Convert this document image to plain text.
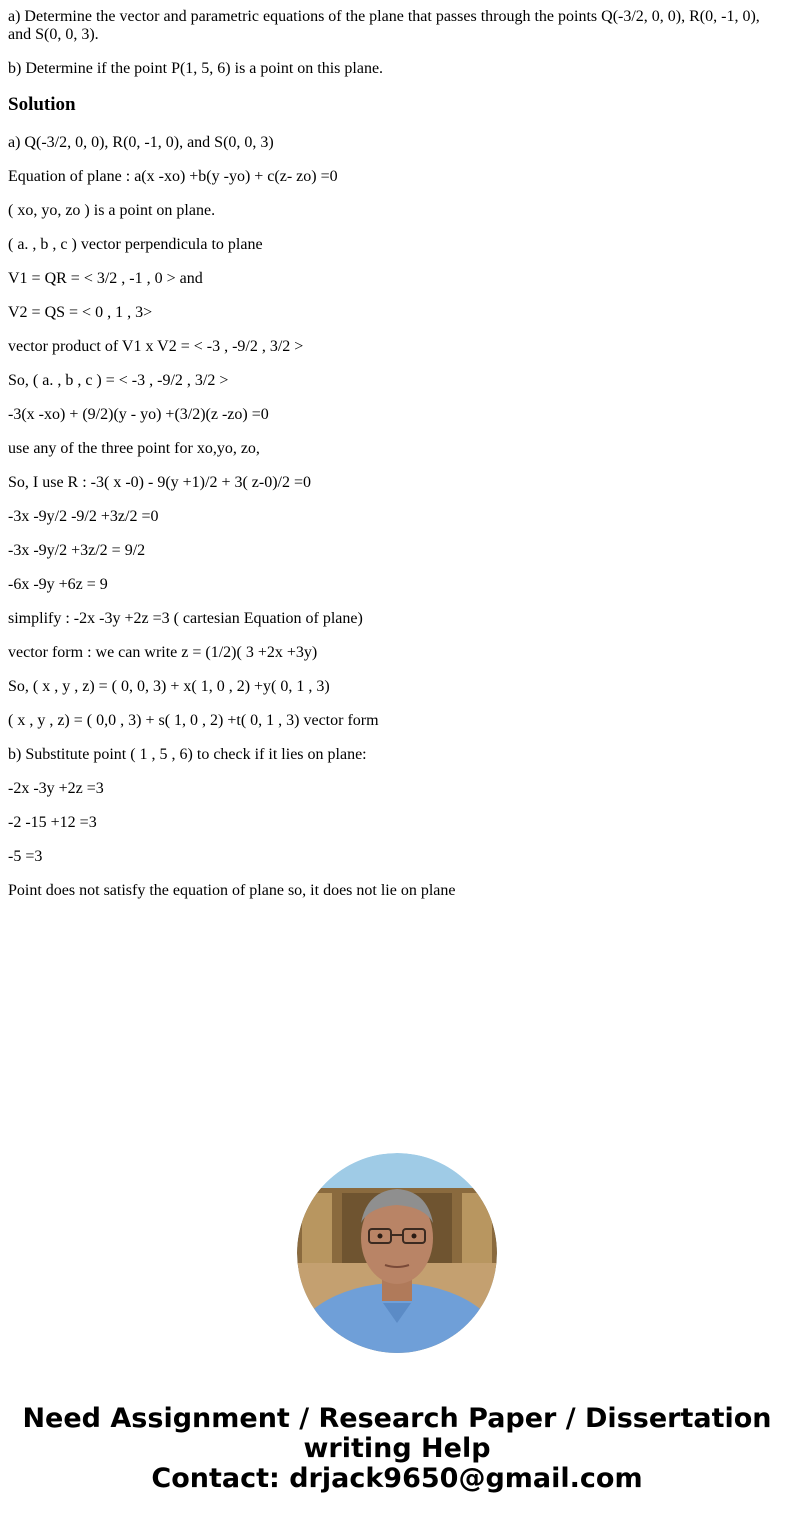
a) Determine the vector and parametric equations of the plane that passes through the points Q(-3/2, 0, 0), R(0, -1, 0), and S(0, 0, 3).

b) Determine if the point P(1, 5, 6) is a point on this plane.

Solution

a) Q(-3/2, 0, 0), R(0, -1, 0), and S(0, 0, 3)

Equation of plane : a(x -xo) +b(y -yo) + c(z- zo) =0

( xo, yo, zo ) is a point on plane.

( a. , b , c ) vector perpendicula to plane

V1 = QR = < 3/2 , -1 , 0 > and

V2 = QS = < 0 , 1 , 3>

vector product of V1 x V2 = < -3 , -9/2 , 3/2 >

So, ( a. , b , c ) = < -3 , -9/2 , 3/2 >

-3(x -xo) + (9/2)(y - yo) +(3/2)(z -zo) =0

use any of the three point for xo,yo, zo,

So, I use R : -3( x -0) - 9(y +1)/2 + 3( z-0)/2 =0

-3x -9y/2 -9/2 +3z/2 =0

-3x -9y/2 +3z/2 = 9/2

-6x -9y +6z = 9

simplify : -2x -3y +2z =3 ( cartesian Equation of plane)

vector form : we can write z = (1/2)( 3 +2x +3y)

So, ( x , y , z) = ( 0, 0, 3) + x( 1, 0 , 2) +y( 0, 1 , 3)

( x , y , z) = ( 0,0 , 3) + s( 1, 0 , 2) +t( 0, 1 , 3) vector form

b) Substitute point ( 1 , 5 , 6) to check if it lies on plane:

-2x -3y +2z =3

-2 -15 +12 =3

-5 =3

Point does not satisfy the equation of plane so, it does not lie on plane

Need Assignment / Research Paper / Dissertation
writing Help
Contact: drjack9650@gmail.com
